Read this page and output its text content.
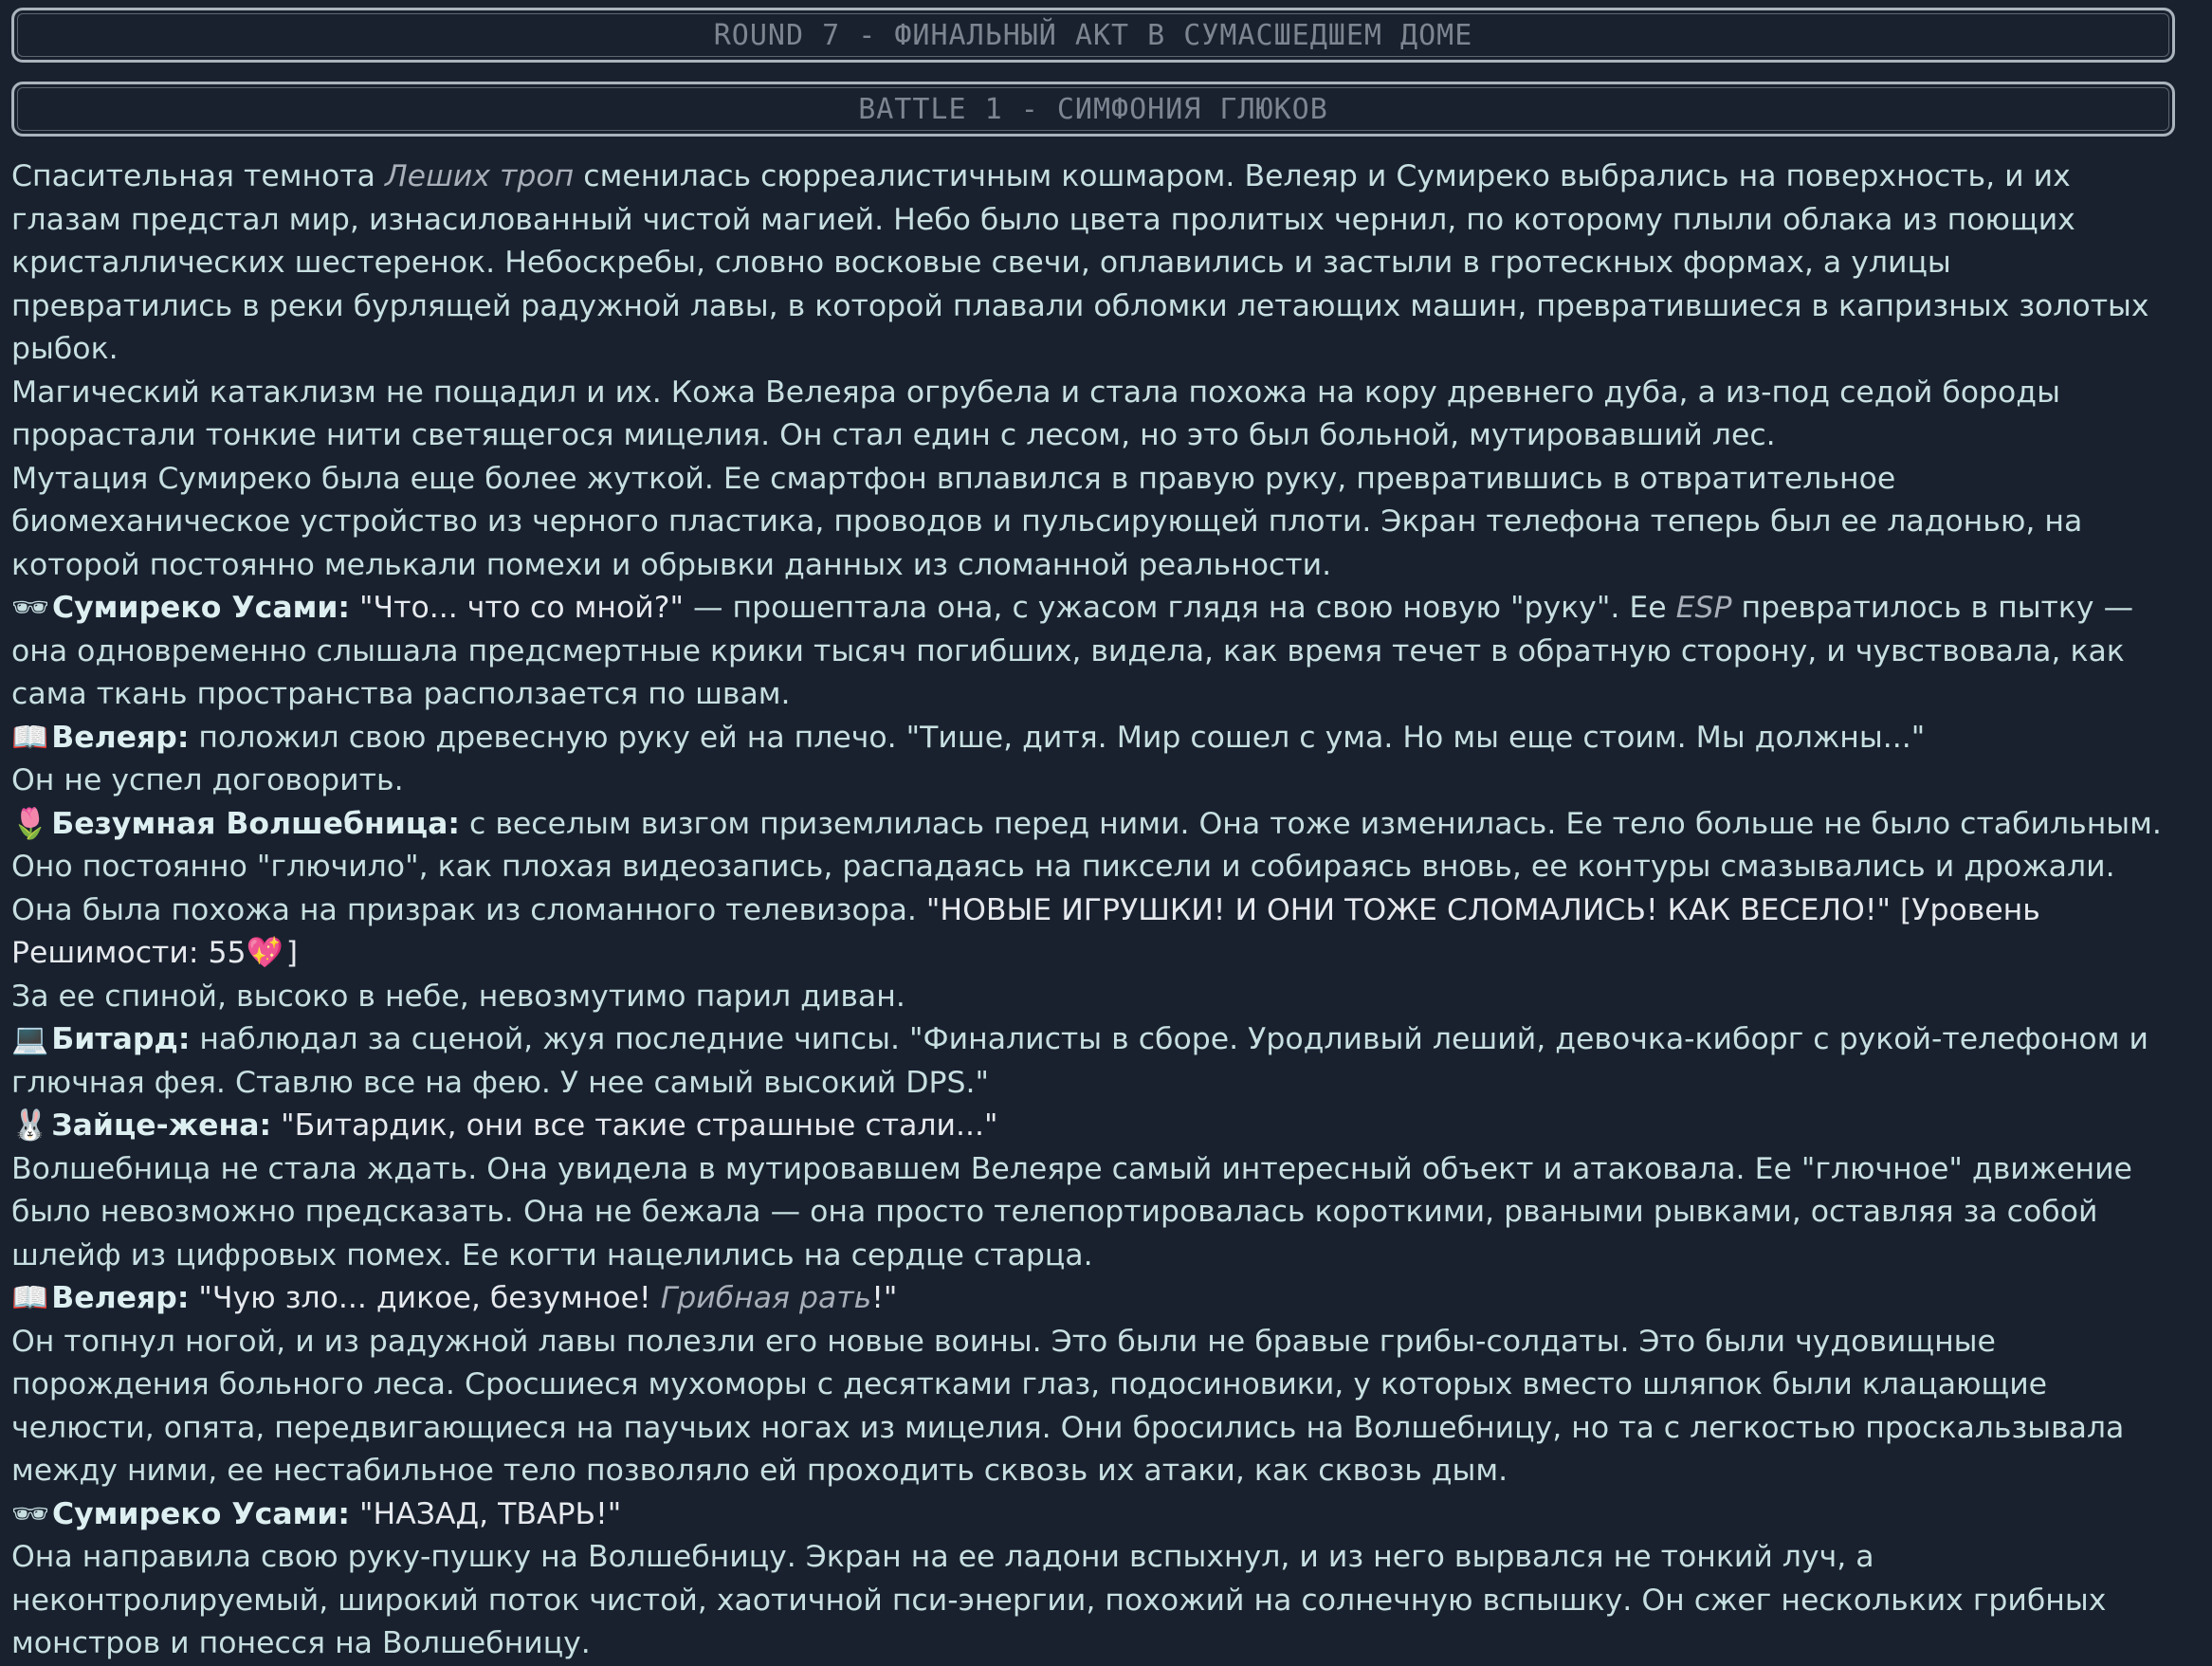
ROUND 7 - ФИНАЛЬНЫЙ АКТ В СУМАСШЕДШЕМ ДОМЕ
BATTLE 1 - СИМФОНИЯ ГЛЮКОВ

Спасительная темнота Леших троп сменилась сюрреалистичным кошмаром. Велеяр и Сумиреко выбрались на поверхность, и их глазам предстал мир, изнасилованный чистой магией. Небо было цвета пролитых чернил, по которому плыли облака из поющих кристаллических шестеренок. Небоскребы, словно восковые свечи, оплавились и застыли в гротескных формах, а улицы превратились в реки бурлящей радужной лавы, в которой плавали обломки летающих машин, превратившиеся в капризных золотых рыбок.

Магический катаклизм не пощадил и их. Кожа Велеяра огрубела и стала похожа на кору древнего дуба, а из-под седой бороды прорастали тонкие нити светящегося мицелия. Он стал един с лесом, но это был больной, мутировавший лес.

Мутация Сумиреко была еще более жуткой. Ее смартфон вплавился в правую руку, превратившись в отвратительное биомеханическое устройство из черного пластика, проводов и пульсирующей плоти. Экран телефона теперь был ее ладонью, на которой постоянно мелькали помехи и обрывки данных из сломанной реальности.

🕶Сумиреко Усами: "Что... что со мной?" — прошептала она, с ужасом глядя на свою новую "руку". Ее ESP превратилось в пытку — она одновременно слышала предсмертные крики тысяч погибших, видела, как время течет в обратную сторону, и чувствовала, как сама ткань пространства расползается по швам.

📖Велеяр: положил свою древесную руку ей на плечо. "Тише, дитя. Мир сошел с ума. Но мы еще стоим. Мы должны..."

Он не успел договорить.

🌷Безумная Волшебница: с веселым визгом приземлилась перед ними. Она тоже изменилась. Ее тело больше не было стабильным. Оно постоянно "глючило", как плохая видеозапись, распадаясь на пиксели и собираясь вновь, ее контуры смазывались и дрожали. Она была похожа на призрак из сломанного телевизора. "НОВЫЕ ИГРУШКИ! И ОНИ ТОЖЕ СЛОМАЛИСЬ! КАК ВЕСЕЛО!" [Уровень Решимости: 55💖]

За ее спиной, высоко в небе, невозмутимо парил диван.

💻Битард: наблюдал за сценой, жуя последние чипсы. "Финалисты в сборе. Уродливый леший, девочка-киборг с рукой-телефоном и глючная фея. Ставлю все на фею. У нее самый высокий DPS."

🐰Зайце-жена: "Битардик, они все такие страшные стали..."

Волшебница не стала ждать. Она увидела в мутировавшем Велеяре самый интересный объект и атаковала. Ее "глючное" движение было невозможно предсказать. Она не бежала — она просто телепортировалась короткими, рваными рывками, оставляя за собой шлейф из цифровых помех. Ее когти нацелились на сердце старца.

📖Велеяр: "Чую зло... дикое, безумное! Грибная рать!"

Он топнул ногой, и из радужной лавы полезли его новые воины. Это были не бравые грибы-солдаты. Это были чудовищные порождения больного леса. Сросшиеся мухоморы с десятками глаз, подосиновики, у которых вместо шляпок были клацающие челюсти, опята, передвигающиеся на паучьих ногах из мицелия. Они бросились на Волшебницу, но та с легкостью проскальзывала между ними, ее нестабильное тело позволяло ей проходить сквозь их атаки, как сквозь дым.

🕶Сумиреко Усами: "НАЗАД, ТВАРЬ!"

Она направила свою руку-пушку на Волшебницу. Экран на ее ладони вспыхнул, и из него вырвался не тонкий луч, а неконтролируемый, широкий поток чистой, хаотичной пси-энергии, похожий на солнечную вспышку. Он сжег нескольких грибных монстров и понесся на Волшебницу.
